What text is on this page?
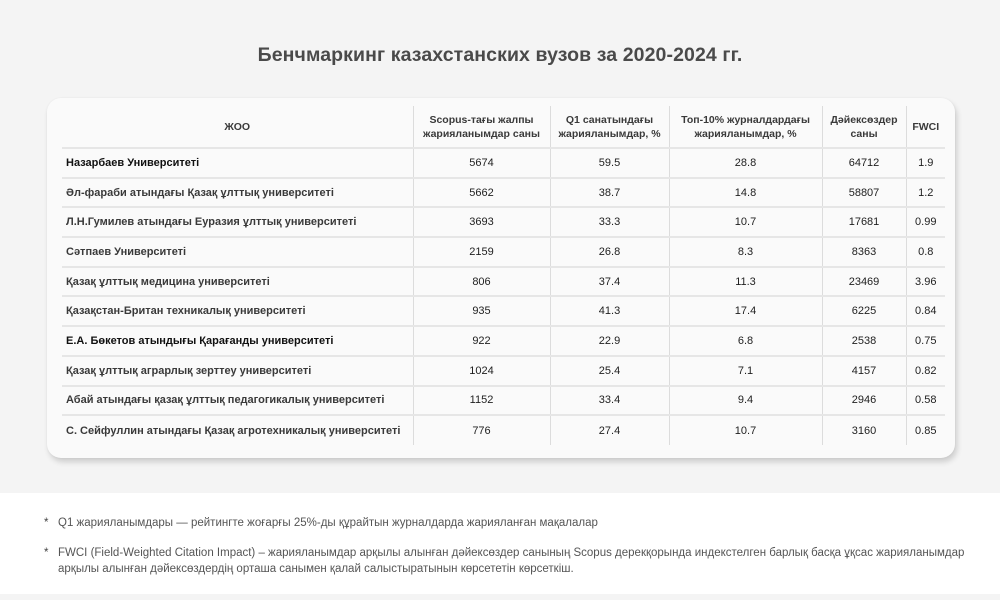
Бенчмаркинг казахстанских вузов за 2020-2024 гг.
ЖОО	Scopus-тағы жалпы жарияланымдар саны	Q1 санатындағы жарияланымдар, %	Топ-10% журналдардағы жарияланымдар, %	Дәйексөздер саны	FWCI
Назарбаев Университеті	5674	59.5	28.8	64712	1.9
Әл-фараби атындағы Қазақ ұлттық университеті	5662	38.7	14.8	58807	1.2
Л.Н.Гумилев атындағы Еуразия ұлттық университеті	3693	33.3	10.7	17681	0.99
Сәтпаев Университеті	2159	26.8	8.3	8363	0.8
Қазақ ұлттық медицина университеті	806	37.4	11.3	23469	3.96
Қазақстан-Британ техникалық университеті	935	41.3	17.4	6225	0.84
Е.А. Бөкетов атындығы Қарағанды университеті	922	22.9	6.8	2538	0.75
Қазақ ұлттық аграрлық зерттеу университеті	1024	25.4	7.1	4157	0.82
Абай атындағы қазақ ұлттық педагогикалық университеті	1152	33.4	9.4	2946	0.58
С. Сейфуллин атындағы Қазақ агротехникалық университеті	776	27.4	10.7	3160	0.85
* Q1 жарияланымдары — рейтингте жоғарғы 25%-ды құрайтын журналдарда жарияланған мақалалар
* FWCI (Field-Weighted Citation Impact) – жарияланымдар арқылы алынған дәйексөздер санының Scopus дерекқорында индекстелген барлық басқа ұқсас жарияланымдар арқылы алынған дәйексөздердің орташа санымен қалай салыстыратынын көрсететін көрсеткіш.
